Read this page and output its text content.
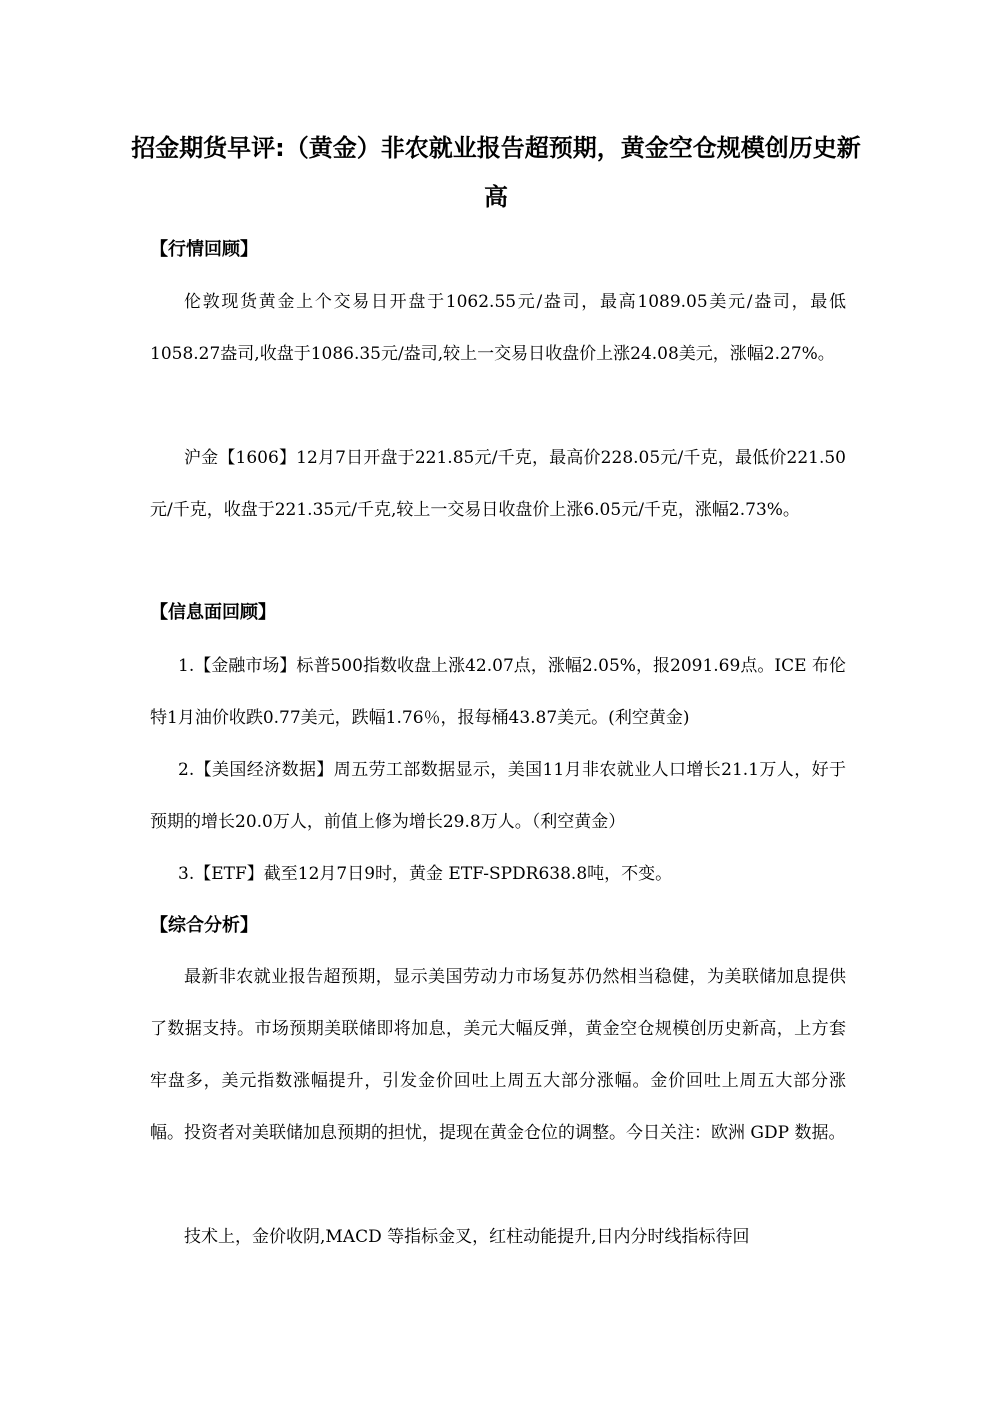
招金期货早评:（黄金）非农就业报告超预期，黄金空仓规模创历史新高
【行情回顾】

伦敦现货黄金上个交易日开盘于1062.55元/盎司，最高1089.05美元/盎司，最低1058.27盎司,收盘于1086.35元/盎司,较上一交易日收盘价上涨24.08美元，涨幅2.27%。

沪金【1606】12月7日开盘于221.85元/千克，最高价228.05元/千克，最低价221.50元/千克，收盘于221.35元/千克,较上一交易日收盘价上涨6.05元/千克，涨幅2.73%。

【信息面回顾】

1.【金融市场】标普500指数收盘上涨42.07点，涨幅2.05%，报2091.69点。ICE 布伦特1月油价收跌0.77美元，跌幅1.76％，报每桶43.87美元。(利空黄金)

2.【美国经济数据】周五劳工部数据显示，美国11月非农就业人口增长21.1万人，好于预期的增长20.0万人，前值上修为增长29.8万人。（利空黄金）

3.【ETF】截至12月7日9时，黄金 ETF-SPDR638.8吨，不变。

【综合分析】

最新非农就业报告超预期，显示美国劳动力市场复苏仍然相当稳健，为美联储加息提供了数据支持。市场预期美联储即将加息，美元大幅反弹，黄金空仓规模创历史新高，上方套牢盘多，美元指数涨幅提升，引发金价回吐上周五大部分涨幅。金价回吐上周五大部分涨幅。投资者对美联储加息预期的担忧，提现在黄金仓位的调整。今日关注：欧洲 GDP 数据。

技术上，金价收阴,MACD 等指标金叉，红柱动能提升,日内分时线指标待回
